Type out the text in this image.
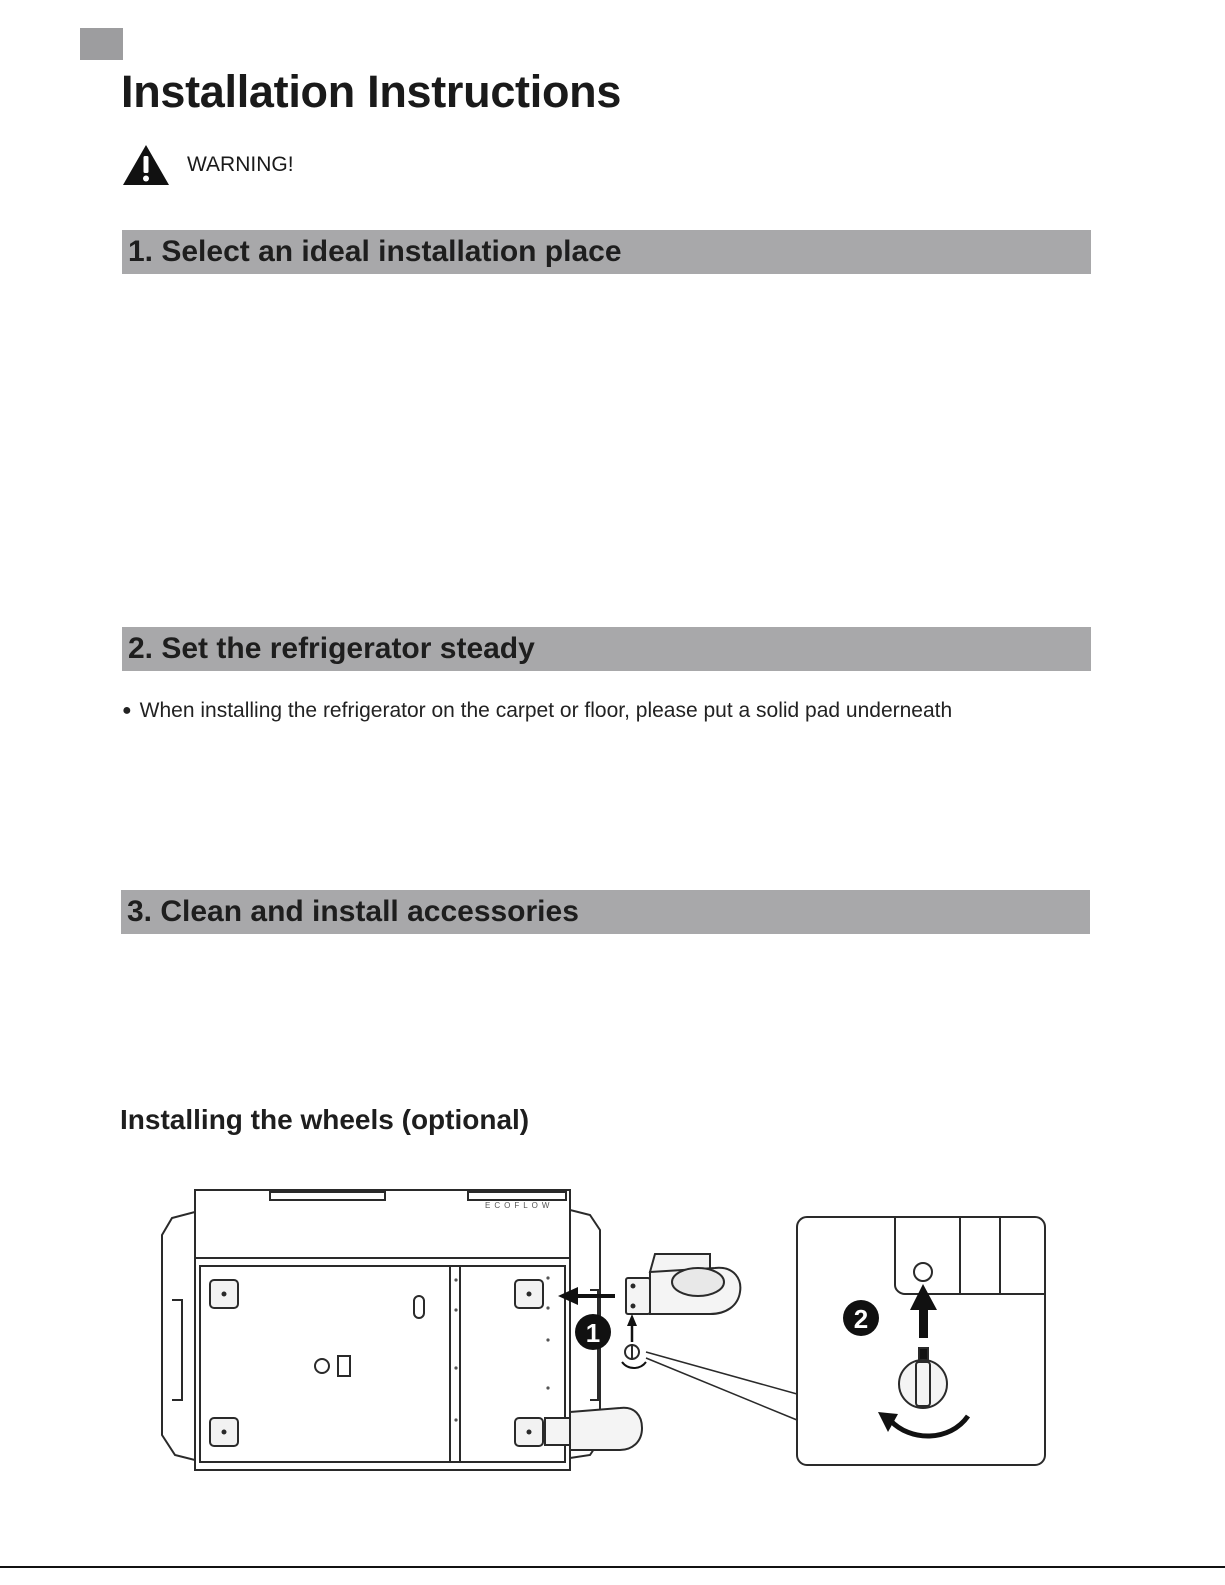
Installation Instructions
WARNING!
1. Select an ideal installation place
2. Set the refrigerator steady
● When installing the refrigerator on the carpet or floor, please put a solid pad underneath
3. Clean and install accessories
Installing the wheels (optional)
ECOFLOW
1	2
